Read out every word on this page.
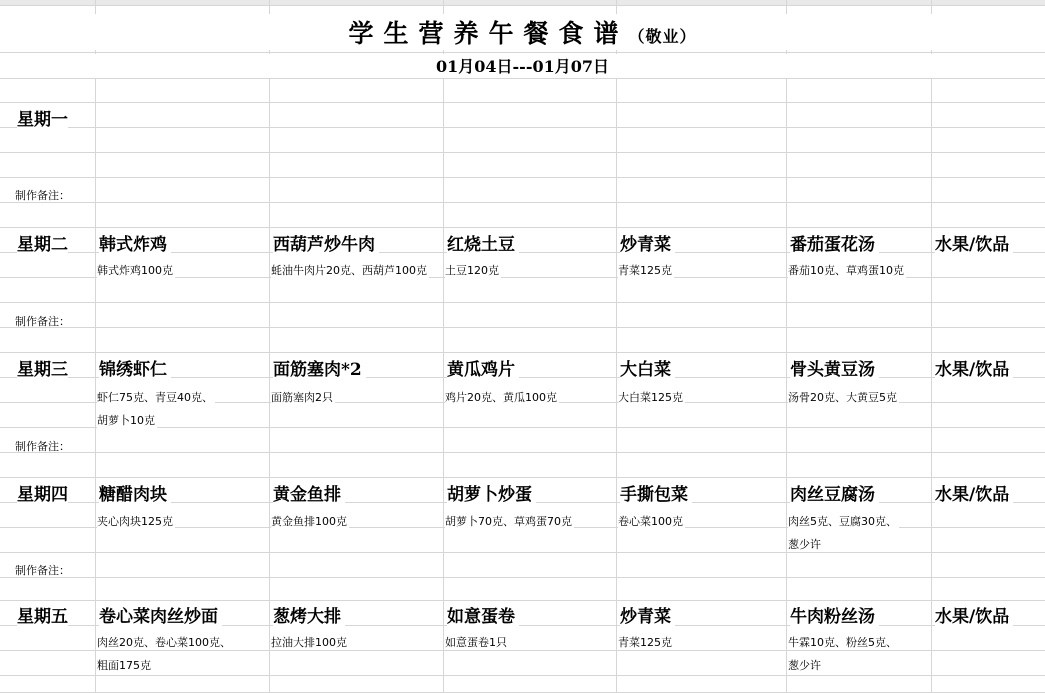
学生营养午餐食谱（敬业）
01月04日---01月07日
星期一
制作备注：
星期二 韩式炸鸡
韩式炸鸡100克
西葫芦炒牛肉
蚝油牛肉片20克、西葫芦100克
红烧土豆
土豆120克
炒青菜
青菜125克
番茄蛋花汤
番茄10克、草鸡蛋10克
水果/饮品
制作备注：
星期三 锦绣虾仁
虾仁75克、青豆40克、
胡萝卜10克
面筋塞肉*2
面筋塞肉2只
黄瓜鸡片
鸡片20克、黄瓜100克
大白菜
大白菜125克
骨头黄豆汤
汤骨20克、大黄豆5克
水果/饮品
制作备注：
星期四 糖醋肉块
夹心肉块125克
黄金鱼排
黄金鱼排100克
胡萝卜炒蛋
胡萝卜70克、草鸡蛋70克
手撕包菜
卷心菜100克
肉丝豆腐汤
肉丝5克、豆腐30克、
葱少许
水果/饮品
制作备注：
星期五 卷心菜肉丝炒面
肉丝20克、卷心菜100克、
粗面175克
葱烤大排
拉油大排100克
如意蛋卷
如意蛋卷1只
炒青菜
青菜125克
牛肉粉丝汤
牛霖10克、粉丝5克、
葱少许
水果/饮品
